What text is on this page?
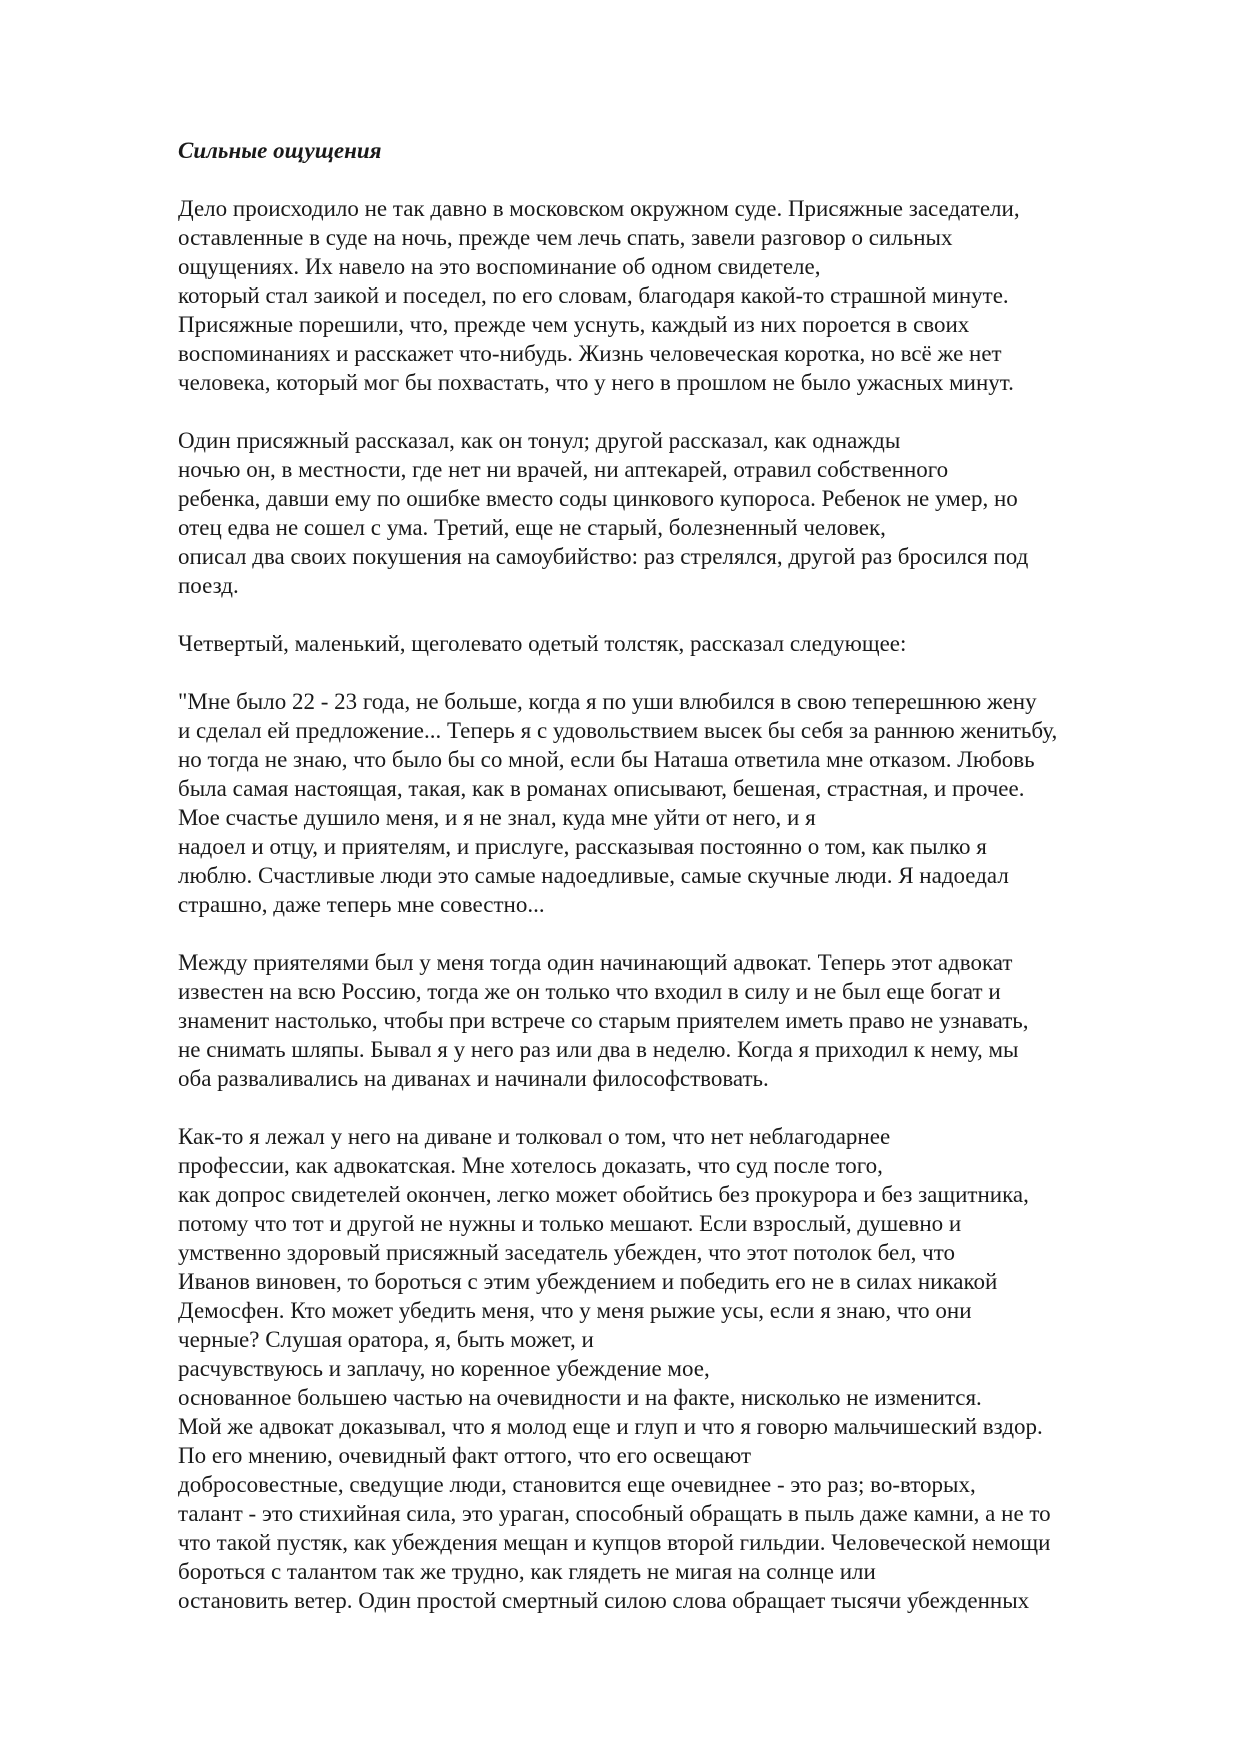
Сильные ощущения
Дело происходило не так давно в московском окружном суде. Присяжные заседатели,
оставленные в суде на ночь, прежде чем лечь спать, завели разговор о сильных
ощущениях. Их навело на это воспоминание об одном свидетеле,
который стал заикой и поседел, по его словам, благодаря какой-то страшной минуте.
Присяжные порешили, что, прежде чем уснуть, каждый из них пороется в своих
воспоминаниях и расскажет что-нибудь. Жизнь человеческая коротка, но всё же нет
человека, который мог бы похвастать, что у него в прошлом не было ужасных минут.
Один присяжный рассказал, как он тонул; другой рассказал, как однажды
ночью он, в местности, где нет ни врачей, ни аптекарей, отравил собственного
ребенка, давши ему по ошибке вместо соды цинкового купороса. Ребенок не умер, но
отец едва не сошел с ума. Третий, еще не старый, болезненный человек,
описал два своих покушения на самоубийство: раз стрелялся, другой раз бросился под
поезд.
Четвертый, маленький, щеголевато одетый толстяк, рассказал следующее:
"Мне было 22 - 23 года, не больше, когда я по уши влюбился в свою теперешнюю жену
и сделал ей предложение... Теперь я с удовольствием высек бы себя за раннюю женитьбу,
но тогда не знаю, что было бы со мной, если бы Наташа ответила мне отказом. Любовь
была самая настоящая, такая, как в романах описывают, бешеная, страстная, и прочее.
Мое счастье душило меня, и я не знал, куда мне уйти от него, и я
надоел и отцу, и приятелям, и прислуге, рассказывая постоянно о том, как пылко я
люблю. Счастливые люди это самые надоедливые, самые скучные люди. Я надоедал
страшно, даже теперь мне совестно...
Между приятелями был у меня тогда один начинающий адвокат. Теперь этот адвокат
известен на всю Россию, тогда же он только что входил в силу и не был еще богат и
знаменит настолько, чтобы при встрече со старым приятелем иметь право не узнавать,
не снимать шляпы. Бывал я у него раз или два в неделю. Когда я приходил к нему, мы
оба разваливались на диванах и начинали философствовать.
Как-то я лежал у него на диване и толковал о том, что нет неблагодарнее
профессии, как адвокатская. Мне хотелось доказать, что суд после того,
как допрос свидетелей окончен, легко может обойтись без прокурора и без защитника,
потому что тот и другой не нужны и только мешают. Если взрослый, душевно и
умственно здоровый присяжный заседатель убежден, что этот потолок бел, что
Иванов виновен, то бороться с этим убеждением и победить его не в силах никакой
Демосфен. Кто может убедить меня, что у меня рыжие усы, если я знаю, что они
черные? Слушая оратора, я, быть может, и
расчувствуюсь и заплачу, но коренное убеждение мое,
основанное большею частью на очевидности и на факте, нисколько не изменится.
Мой же адвокат доказывал, что я молод еще и глуп и что я говорю мальчишеский вздор.
По его мнению, очевидный факт оттого, что его освещают
добросовестные, сведущие люди, становится еще очевиднее - это раз; во-вторых,
талант - это стихийная сила, это ураган, способный обращать в пыль даже камни, а не то
что такой пустяк, как убеждения мещан и купцов второй гильдии. Человеческой немощи
бороться с талантом так же трудно, как глядеть не мигая на солнце или
остановить ветер. Один простой смертный силою слова обращает тысячи убежденных
